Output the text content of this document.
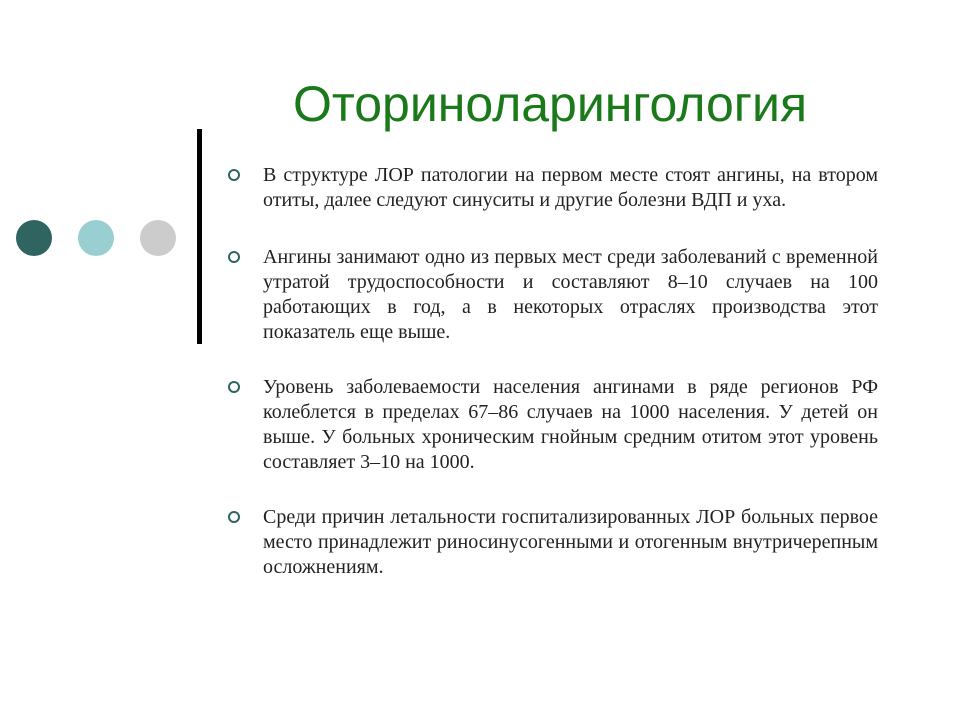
Оториноларингология
В структуре ЛОР патологии на первом месте стоят ангины, на втором отиты, далее следуют синуситы и другие болезни ВДП и уха.
Ангины занимают одно из первых мест среди заболеваний с временной утратой трудоспособности и составляют 8–10 случаев на 100 работающих в год, а в некоторых отраслях производства этот показатель еще выше.
Уровень заболеваемости населения ангинами в ряде регионов РФ колеблется в пределах 67–86 случаев на 1000 населения. У детей он выше. У больных хроническим гнойным средним отитом этот уровень составляет 3–10 на 1000.
Среди причин летальности госпитализированных ЛОР больных первое место принадлежит риносинусогенными и отогенным внутричерепным осложнениям.
